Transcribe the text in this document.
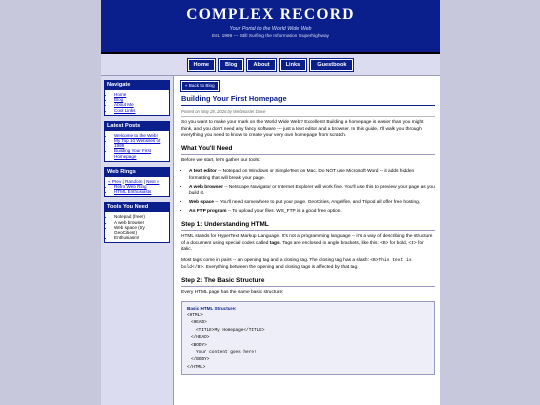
COMPLEX RECORD
Your Portal to the World Wide Web
Est. 1996 --- Still Surfing the Information Superhighway
Home	Blog	About	Links	Guestbook
Navigate
• Home
• Blog
• About Me
• Cool Links
Latest Posts
• Welcome to the Web!
• My Top 10 Websites of 1999
• Building Your First Homepage
Web Rings
« Prev | Random | Next »
• Retro Web Ring
• HTML Enthusiasts
Tools You Need
• Notepad (free!)
• A web browser
• Web space (try GeoCities!)
• Enthusiasm!
« Back to Blog
Building Your First Homepage
Posted on May 28, 2026 by Webmaster Dave

So you want to make your mark on the World Wide Web? Excellent! Building a homepage is easier than you might think, and you don't need any fancy software --- just a text editor and a browser. In this guide, I'll walk you through everything you need to know to create your very own homepage from scratch.

What You'll Need

Before we start, let's gather our tools:

• A text editor -- Notepad on Windows or SimpleText on Mac. Do NOT use Microsoft Word -- it adds hidden formatting that will break your page.
• A web browser -- Netscape Navigator or Internet Explorer will work fine. You'll use this to preview your page as you build it.
• Web space -- You'll need somewhere to put your page. GeoCities, Angelfire, and Tripod all offer free hosting.
• An FTP program -- To upload your files. WS_FTP is a good free option.
Step 1: Understanding HTML

HTML stands for HyperText Markup Language. It's not a programming language -- it's a way of describing the structure of a document using special codes called tags. Tags are enclosed in angle brackets, like this: <B> for bold, <I> for italic.

Most tags come in pairs -- an opening tag and a closing tag. The closing tag has a slash: <B>This text is bold</B>. Everything between the opening and closing tags is affected by that tag.

Step 2: The Basic Structure

Every HTML page has the same basic structure:

Basic HTML Structure:
<HTML>
<HEAD>
<TITLE>My Homepage</TITLE>
</HEAD>
<BODY>
Your content goes here!
</BODY>
</HTML>
